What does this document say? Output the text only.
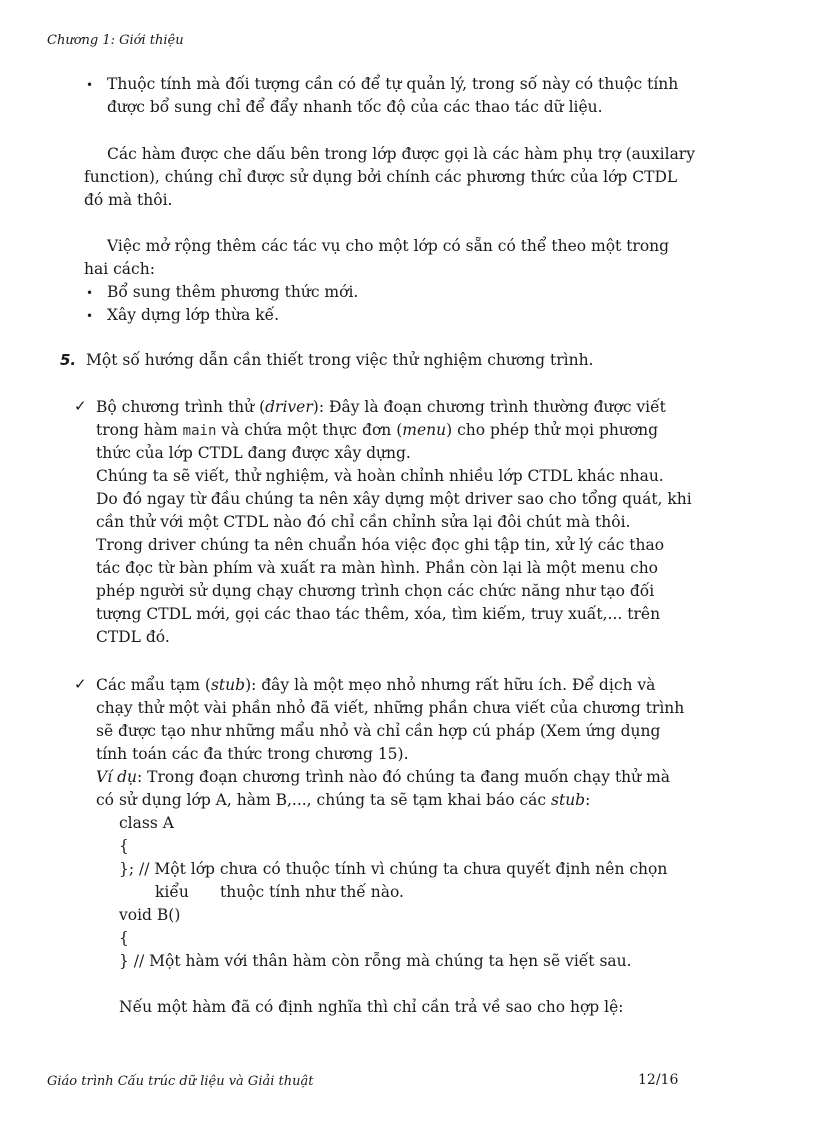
Chương 1: Giới thiệu
• Thuộc tính mà đối tượng cần có để tự quản lý, trong số này có thuộc tính
được bổ sung chỉ để đẩy nhanh tốc độ của các thao tác dữ liệu.
Các hàm được che dấu bên trong lớp được gọi là các hàm phụ trợ (auxilary
function), chúng chỉ được sử dụng bởi chính các phương thức của lớp CTDL
đó mà thôi.
Việc mở rộng thêm các tác vụ cho một lớp có sẵn có thể theo một trong
hai cách:
• Bổ sung thêm phương thức mới.
• Xây dựng lớp thừa kế.
5. Một số hướng dẫn cần thiết trong việc thử nghiệm chương trình.
✓ Bộ chương trình thử (driver): Đây là đoạn chương trình thường được viết
trong hàm main và chứa một thực đơn (menu) cho phép thử mọi phương
thức của lớp CTDL đang được xây dựng.
Chúng ta sẽ viết, thử nghiệm, và hoàn chỉnh nhiều lớp CTDL khác nhau.
Do đó ngay từ đầu chúng ta nên xây dựng một driver sao cho tổng quát, khi
cần thử với một CTDL nào đó chỉ cần chỉnh sửa lại đôi chút mà thôi.
Trong driver chúng ta nên chuẩn hóa việc đọc ghi tập tin, xử lý các thao
tác đọc từ bàn phím và xuất ra màn hình. Phần còn lại là một menu cho
phép người sử dụng chạy chương trình chọn các chức năng như tạo đối
tượng CTDL mới, gọi các thao tác thêm, xóa, tìm kiếm, truy xuất,... trên
CTDL đó.
✓ Các mẩu tạm (stub): đây là một mẹo nhỏ nhưng rất hữu ích. Để dịch và
chạy thử một vài phần nhỏ đã viết, những phần chưa viết của chương trình
sẽ được tạo như những mẩu nhỏ và chỉ cần hợp cú pháp (Xem ứng dụng
tính toán các đa thức trong chương 15).
Ví dụ: Trong đoạn chương trình nào đó chúng ta đang muốn chạy thử mà
có sử dụng lớp A, hàm B,..., chúng ta sẽ tạm khai báo các stub:
class A
{
}; // Một lớp chưa có thuộc tính vì chúng ta chưa quyết định nên chọn
kiểu thuộc tính như thế nào.
void B()
{
} // Một hàm với thân hàm còn rỗng mà chúng ta hẹn sẽ viết sau.
Nếu một hàm đã có định nghĩa thì chỉ cần trả về sao cho hợp lệ:
Giáo trình Cấu trúc dữ liệu và Giải thuật	12/16
